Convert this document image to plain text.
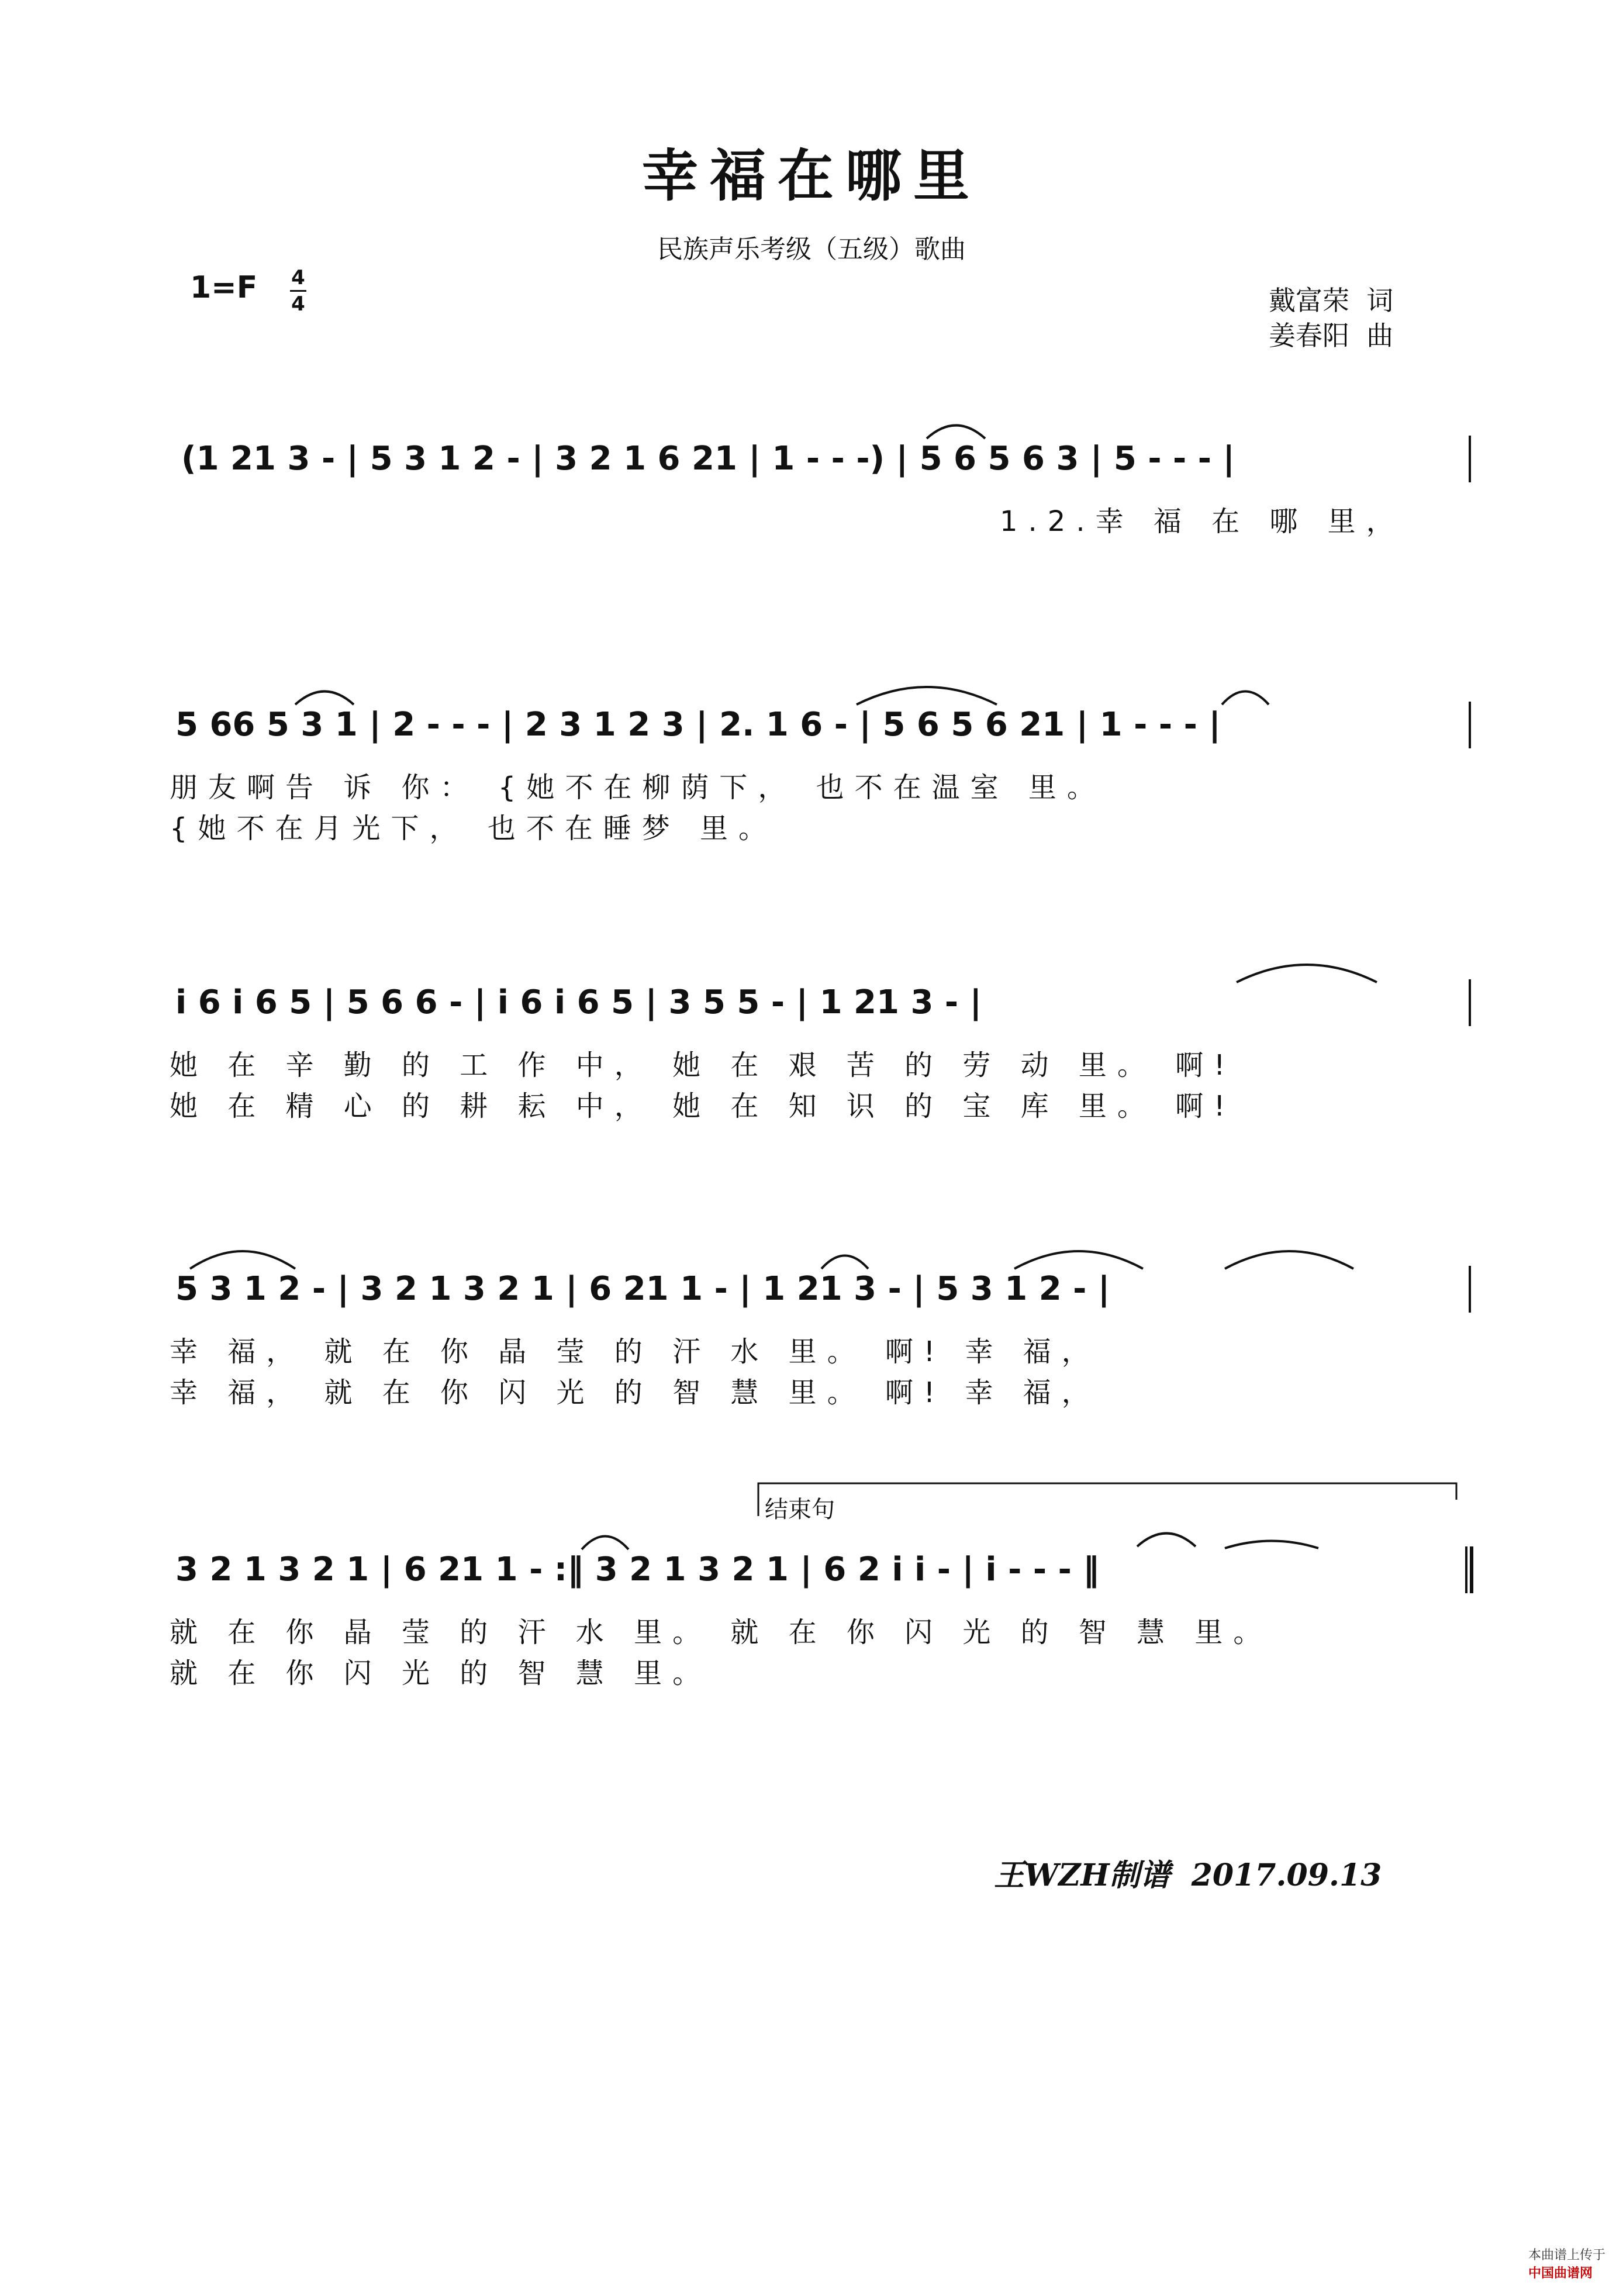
幸福在哪里
民族声乐考级（五级）歌曲
1=F 4
4	戴富荣  词
姜春阳  曲
(1 21 3 - | 5 3 1 2 - | 3 2 1 6 21 | 1 - - -) | 5 6 5 6 3 | 5 - - - |
1.2.幸 福 在 哪 里，
5 66 5 3 1 | 2 - - - | 2 3 1 2 3 | 2. 1 6 - | 5 6 5 6 21 | 1 - - - |
朋友啊告 诉 你： {她不在柳荫下， 也不在温室 里。
{她不在月光下， 也不在睡梦 里。
i 6 i 6 5 | 5 6 6 - | i 6 i 6 5 | 3 5 5 - | 1 21 3 - |
她 在 辛 勤 的 工 作 中， 她 在 艰 苦 的 劳 动 里。 啊!
她 在 精 心 的 耕 耘 中， 她 在 知 识 的 宝 库 里。 啊!
5 3 1 2 - | 3 2 1 3 2 1 | 6 21 1 - | 1 21 3 - | 5 3 1 2 - |
幸 福， 就 在 你 晶 莹 的 汗 水 里。 啊! 幸 福，
幸 福， 就 在 你 闪 光 的 智 慧 里。 啊! 幸 福，
结束句
3 2 1 3 2 1 | 6 21 1 - :‖ 3 2 1 3 2 1 | 6 2 i i - | i - - - ‖
就 在 你 晶 莹 的 汗 水 里。 就 在 你 闪 光 的 智 慧 里。
就 在 你 闪 光 的 智 慧 里。
王WZH制谱  2017.09.13

本曲谱上传于
中国曲谱网
